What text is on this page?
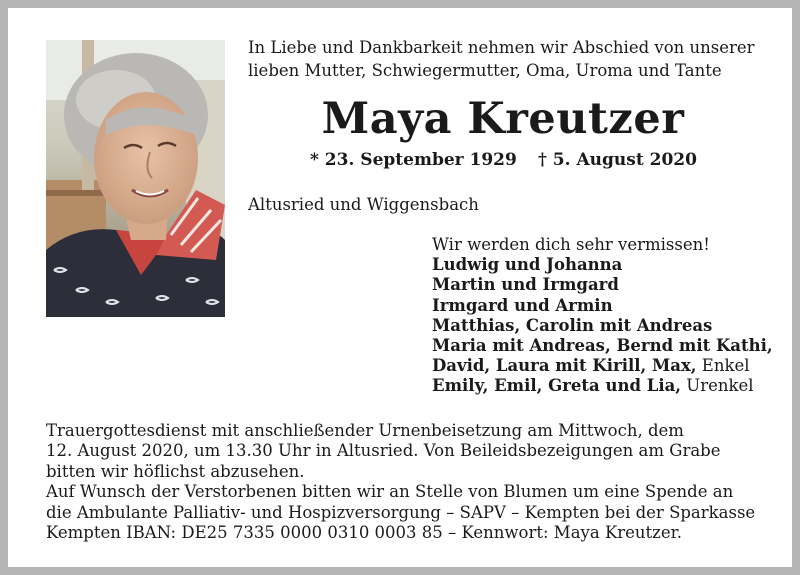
In Liebe und Dankbarkeit nehmen wir Abschied von unserer
lieben Mutter, Schwiegermutter, Oma, Uroma und Tante
Maya Kreutzer
* 23. September 1929 † 5. August 2020
Altusried und Wiggensbach
Wir werden dich sehr vermissen!
Ludwig und Johanna
Martin und Irmgard
Irmgard und Armin
Matthias, Carolin mit Andreas
Maria mit Andreas, Bernd mit Kathi,
David, Laura mit Kirill, Max, Enkel
Emily, Emil, Greta und Lia, Urenkel
Trauergottesdienst mit anschließender Urnenbeisetzung am Mittwoch, dem
12. August 2020, um 13.30 Uhr in Altusried. Von Beileidsbezeigungen am Grabe
bitten wir höflichst abzusehen.
Auf Wunsch der Verstorbenen bitten wir an Stelle von Blumen um eine Spende an
die Ambulante Palliativ- und Hospizversorgung – SAPV – Kempten bei der Sparkasse
Kempten IBAN: DE25 7335 0000 0310 0003 85 – Kennwort: Maya Kreutzer.
